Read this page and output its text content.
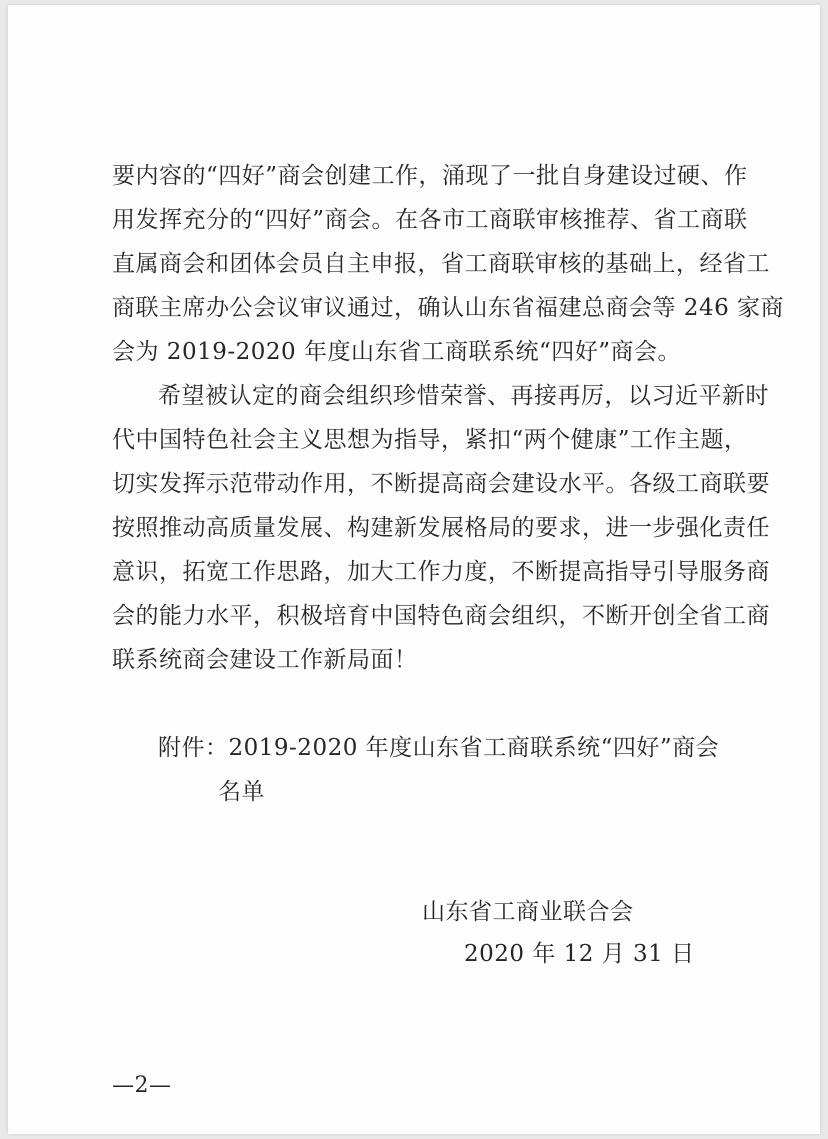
要内容的“四好”商会创建工作，涌现了一批自身建设过硬、作
用发挥充分的“四好”商会。在各市工商联审核推荐、省工商联
直属商会和团体会员自主申报，省工商联审核的基础上，经省工
商联主席办公会议审议通过，确认山东省福建总商会等 246 家商
会为 2019-2020 年度山东省工商联系统“四好”商会。
希望被认定的商会组织珍惜荣誉、再接再厉，以习近平新时
代中国特色社会主义思想为指导，紧扣“两个健康”工作主题，
切实发挥示范带动作用，不断提高商会建设水平。各级工商联要
按照推动高质量发展、构建新发展格局的要求，进一步强化责任
意识，拓宽工作思路，加大工作力度，不断提高指导引导服务商
会的能力水平，积极培育中国特色商会组织，不断开创全省工商
联系统商会建设工作新局面！
附件：2019-2020 年度山东省工商联系统“四好”商会
名单
山东省工商业联合会
2020 年 12 月 31 日
—2—
